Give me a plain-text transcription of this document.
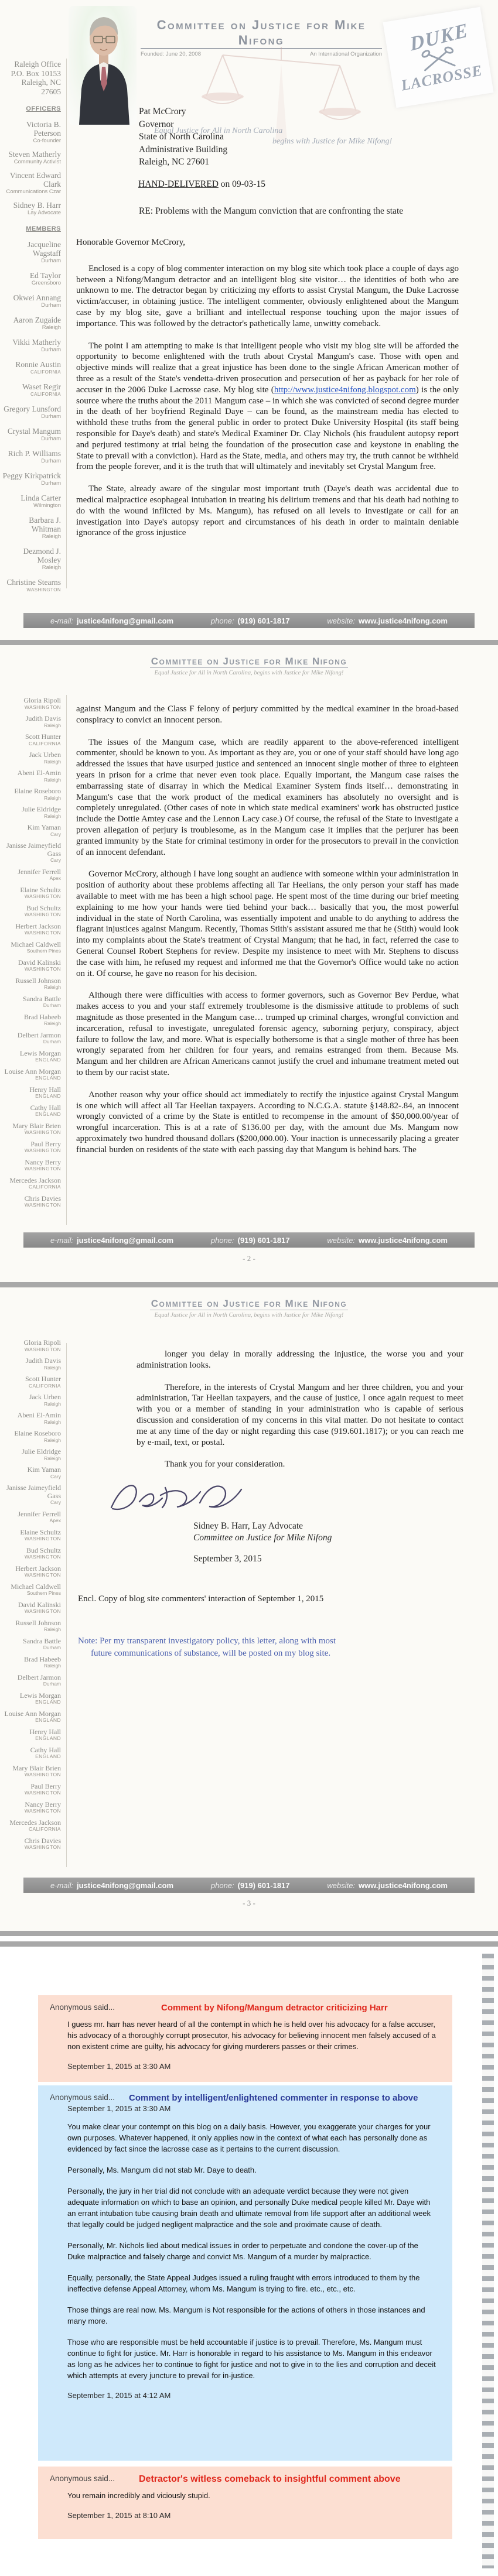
Raleigh Office
P.O. Box 10153
Raleigh, NC
27605
OFFICERS
Victoria B. Peterson
Co-founder
Steven Matherly
Community Activist
Vincent Edward Clark
Communications Czar
Sidney B. Harr
Lay Advocate
MEMBERS
Jacqueline Wagstaff
Durham
Ed Taylor
Greensboro
Okwei Annang
Durham
Aaron Zugaide
Raleigh
Vikki Matherly
Durham
Ronnie Austin
CALIFORNIA
Waset Regir
CALIFORNIA
Gregory Lunsford
Durham
Crystal Mangum
Durham
Rich P. Williams
Durham
Peggy Kirkpatrick
Durham
Linda Carter
Wilmington
Barbara J. Whitman
Raleigh
Dezmond J. Mosley
Raleigh
Christine Stearns
WASHINGTON
Committee on Justice for Mike Nifong
Founded: June 20, 2008	An International Organization
Equal Justice for All in North Carolina
begins with Justice for Mike Nifong!
DUKE
LACROSSE
Pat McCrory
Governor
State of North Carolina
Administrative Building
Raleigh, NC 27601
HAND-DELIVERED on 09-03-15
RE: Problems with the Mangum conviction that are confronting the state

Honorable Governor McCrory,

Enclosed is a copy of blog commenter interaction on my blog site which took place a couple of days ago between a Nifong/Mangum detractor and an intelligent blog site visitor… the identities of both who are unknown to me. The detractor began by criticizing my efforts to assist Crystal Mangum, the Duke Lacrosse victim/accuser, in obtaining justice. The intelligent commenter, obviously enlightened about the Mangum case by my blog site, gave a brilliant and intellectual response touching upon the major issues of importance. This was followed by the detractor's pathetically lame, unwitty comeback.

The point I am attempting to make is that intelligent people who visit my blog site will be afforded the opportunity to become enlightened with the truth about Crystal Mangum's case. Those with open and objective minds will realize that a great injustice has been done to the single African American mother of three as a result of the State's vendetta-driven prosecution and persecution of her as payback for her role of accuser in the 2006 Duke Lacrosse case. My blog site (http://www.justice4nifong.blogspot.com) is the only source where the truths about the 2011 Mangum case – in which she was convicted of second degree murder in the death of her boyfriend Reginald Daye – can be found, as the mainstream media has elected to withhold these truths from the general public in order to protect Duke University Hospital (its staff being responsible for Daye's death) and state's Medical Examiner Dr. Clay Nichols (his fraudulent autopsy report and perjured testimony at trial being the foundation of the prosecution case and keystone in enabling the State to prevail with a conviction). Hard as the State, media, and others may try, the truth cannot be withheld from the people forever, and it is the truth that will ultimately and inevitably set Crystal Mangum free.

The State, already aware of the singular most important truth (Daye's death was accidental due to medical malpractice esophageal intubation in treating his delirium tremens and that his death had nothing to do with the wound inflicted by Ms. Mangum), has refused on all levels to investigate or call for an investigation into Daye's autopsy report and circumstances of his death in order to maintain deniable ignorance of the gross injustice

e-mail: justice4nifong@gmail.com	phone: (919) 601-1817	website: www.justice4nifong.com
Committee on Justice for Mike Nifong
Equal Justice for All in North Carolina, begins with Justice for Mike Nifong!
Gloria Ripoli
WASHINGTON
Judith Davis
Raleigh
Scott Hunter
CALIFORNIA
Jack Urben
Raleigh
Abeni El-Amin
Raleigh
Elaine Roseboro
Raleigh
Julie Eldridge
Raleigh
Kim Yaman
Cary
Janisse Jaimeyfield Gass
Cary
Jennifer Ferrell
Apex
Elaine Schultz
WASHINGTON
Bud Schultz
WASHINGTON
Herbert Jackson
WASHINGTON
Michael Caldwell
Southern Pines
David Kalinski
WASHINGTON
Russell Johnson
Raleigh
Sandra Battle
Durham
Brad Habeeb
Raleigh
Delbert Jarmon
Durham
Lewis Morgan
ENGLAND
Louise Ann Morgan
ENGLAND
Henry Hall
ENGLAND
Cathy Hall
ENGLAND
Mary Blair Brien
WASHINGTON
Paul Berry
WASHINGTON
Nancy Berry
WASHINGTON
Mercedes Jackson
CALIFORNIA
Chris Davies
WASHINGTON

against Mangum and the Class F felony of perjury committed by the medical examiner in the broad-based conspiracy to convict an innocent person.

The issues of the Mangum case, which are readily apparent to the above-referenced intelligent commenter, should be known to you. As important as they are, you or one of your staff should have long ago addressed the issues that have usurped justice and sentenced an innocent single mother of three to eighteen years in prison for a crime that never even took place. Equally important, the Mangum case raises the embarrassing state of disarray in which the Medical Examiner System finds itself… demonstrating in Mangum's case that the work product of the medical examiners has absolutely no oversight and is completely unregulated. (Other cases of note in which state medical examiners' work has obstructed justice include the Dottie Amtey case and the Lennon Lacy case.) Of course, the refusal of the State to investigate a proven allegation of perjury is troublesome, as in the Mangum case it implies that the perjurer has been granted immunity by the State for criminal testimony in order for the prosecutors to prevail in the conviction of an innocent defendant.

Governor McCrory, although I have long sought an audience with someone within your administration in position of authority about these problems affecting all Tar Heelians, the only person your staff has made available to meet with me has been a high school page. He spent most of the time during our brief meeting explaining to me how your hands were tied behind your back… basically that you, the most powerful individual in the state of North Carolina, was essentially impotent and unable to do anything to address the flagrant injustices against Mangum. Recently, Thomas Stith's assistant assured me that he (Stith) would look into my complaints about the State's treatment of Crystal Mangum; that he had, in fact, referred the case to General Counsel Robert Stephens for review. Despite my insistence to meet with Mr. Stephens to discuss the case with him, he refused my request and informed me that the Governor's Office would take no action on it. Of course, he gave no reason for his decision.

Although there were difficulties with access to former governors, such as Governor Bev Perdue, what makes access to you and your staff extremely troublesome is the dismissive attitude to problems of such magnitude as those presented in the Mangum case… trumped up criminal charges, wrongful conviction and incarceration, refusal to investigate, unregulated forensic agency, suborning perjury, conspiracy, abject failure to follow the law, and more. What is especially bothersome is that a single mother of three has been wrongly separated from her children for four years, and remains estranged from them. Because Ms. Mangum and her children are African Americans cannot justify the cruel and inhumane treatment meted out to them by our racist state.

Another reason why your office should act immediately to rectify the injustice against Crystal Mangum is one which will affect all Tar Heelian taxpayers. According to N.C.G.A. statute §148.82-.84, an innocent wrongly convicted of a crime by the State is entitled to recompense in the amount of $50,000.00/year of wrongful incarceration. This is at a rate of $136.00 per day, with the amount due Ms. Mangum now approximately two hundred thousand dollars ($200,000.00). Your inaction is unnecessarily placing a greater financial burden on residents of the state with each passing day that Mangum is behind bars. The

e-mail: justice4nifong@gmail.com	phone: (919) 601-1817	website: www.justice4nifong.com
- 2 -
Committee on Justice for Mike Nifong
Equal Justice for All in North Carolina, begins with Justice for Mike Nifong!
Gloria Ripoli
WASHINGTON
Judith Davis
Raleigh
Scott Hunter
CALIFORNIA
Jack Urben
Raleigh
Abeni El-Amin
Raleigh
Elaine Roseboro
Raleigh
Julie Eldridge
Raleigh
Kim Yaman
Cary
Janisse Jaimeyfield Gass
Cary
Jennifer Ferrell
Apex
Elaine Schultz
WASHINGTON
Bud Schultz
WASHINGTON
Herbert Jackson
WASHINGTON
Michael Caldwell
Southern Pines
David Kalinski
WASHINGTON
Russell Johnson
Raleigh
Sandra Battle
Durham
Brad Habeeb
Raleigh
Delbert Jarmon
Durham
Lewis Morgan
ENGLAND
Louise Ann Morgan
ENGLAND
Henry Hall
ENGLAND
Cathy Hall
ENGLAND
Mary Blair Brien
WASHINGTON
Paul Berry
WASHINGTON
Nancy Berry
WASHINGTON
Mercedes Jackson
CALIFORNIA
Chris Davies
WASHINGTON

longer you delay in morally addressing the injustice, the worse you and your administration looks.

Therefore, in the interests of Crystal Mangum and her three children, you and your administration, Tar Heelian taxpayers, and the cause of justice, I once again request to meet with you or a member of standing in your administration who is capable of serious discussion and consideration of my concerns in this vital matter. Do not hesitate to contact me at any time of the day or night regarding this case (919.601.1817); or you can reach me by e-mail, text, or postal.

Thank you for your consideration.

Sidney B. Harr, Lay Advocate
Committee on Justice for Mike Nifong
September 3, 2015
Encl. Copy of blog site commenters' interaction of September 1, 2015
Note: Per my transparent investigatory policy, this letter, along with most future communications of substance, will be posted on my blog site.
e-mail: justice4nifong@gmail.com	phone: (919) 601-1817	website: www.justice4nifong.com
- 3 -
Anonymous said...	Comment by Nifong/Mangum detractor criticizing Harr

I guess mr. harr has never heard of all the contempt in which he is held over his advocacy for a false accuser, his advocacy of a thoroughly corrupt prosecutor, his advocacy for believing innocent men falsely accused of a non existent crime are guilty, his advocacy for giving murderers passes or their crimes.

September 1, 2015 at 3:30 AM
Anonymous said... Comment by intelligent/enlightened commenter in response to above
September 1, 2015 at 3:30 AM

You make clear your contempt on this blog on a daily basis. However, you exaggerate your charges for your own purposes. Whatever happened, it only applies now in the context of what each has personally done as evidenced by fact since the lacrosse case as it pertains to the current discussion.

Personally, Ms. Mangum did not stab Mr. Daye to death.

Personally, the jury in her trial did not conclude with an adequate verdict because they were not given adequate information on which to base an opinion, and personally Duke medical people killed Mr. Daye with an errant intubation tube causing brain death and ultimate removal from life support after an additional week that legally could be judged negligent malpractice and the sole and proximate cause of death.

Personally, Mr. Nichols lied about medical issues in order to perpetuate and condone the cover-up of the Duke malpractice and falsely charge and convict Ms. Mangum of a murder by malpractice.

Equally, personally, the State Appeal Judges issued a ruling fraught with errors introduced to them by the ineffective defense Appeal Attorney, whom Ms. Mangum is trying to fire. etc., etc., etc.

Those things are real now. Ms. Mangum is Not responsible for the actions of others in those instances and many more.

Those who are responsible must be held accountable if justice is to prevail. Therefore, Ms. Mangum must continue to fight for justice. Mr. Harr is honorable in regard to his assistance to Ms. Mangum in this endeavor as long as he advices her to continue to fight for justice and not to give in to the lies and corruption and deceit which attempts at every juncture to prevail for in-justice.

September 1, 2015 at 4:12 AM
Anonymous said...	Detractor's witless comeback to insightful comment above

You remain incredibly and viciously stupid.

September 1, 2015 at 8:10 AM
